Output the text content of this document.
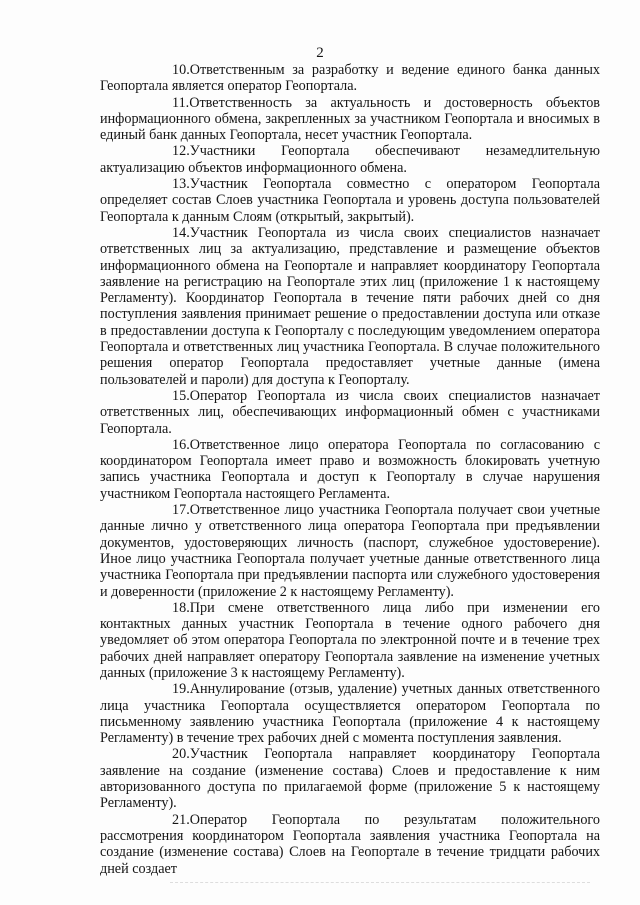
2

10.Ответственным за разработку и ведение единого банка данных Геопортала является оператор Геопортала.

11.Ответственность за актуальность и достоверность объектов информационного обмена, закрепленных за участником Геопортала и вносимых в единый банк данных Геопортала, несет участник Геопортала.

12.Участники Геопортала обеспечивают незамедлительную актуализацию объектов информационного обмена.

13.Участник Геопортала совместно с оператором Геопортала определяет состав Слоев участника Геопортала и уровень доступа пользователей Геопортала к данным Слоям (открытый, закрытый).

14.Участник Геопортала из числа своих специалистов назначает ответственных лиц за актуализацию, представление и размещение объектов информационного обмена на Геопортале и направляет координатору Геопортала заявление на регистрацию на Геопортале этих лиц (приложение 1 к настоящему Регламенту). Координатор Геопортала в течение пяти рабочих дней со дня поступления заявления принимает решение о предоставлении доступа или отказе в предоставлении доступа к Геопорталу с последующим уведомлением оператора Геопортала и ответственных лиц участника Геопортала. В случае положительного решения оператор Геопортала предоставляет учетные данные (имена пользователей и пароли) для доступа к Геопорталу.

15.Оператор Геопортала из числа своих специалистов назначает ответственных лиц, обеспечивающих информационный обмен с участниками Геопортала.

16.Ответственное лицо оператора Геопортала по согласованию с координатором Геопортала имеет право и возможность блокировать учетную запись участника Геопортала и доступ к Геопорталу в случае нарушения участником Геопортала настоящего Регламента.

17.Ответственное лицо участника Геопортала получает свои учетные данные лично у ответственного лица оператора Геопортала при предъявлении документов, удостоверяющих личность (паспорт, служебное удостоверение). Иное лицо участника Геопортала получает учетные данные ответственного лица участника Геопортала при предъявлении паспорта или служебного удостоверения и доверенности (приложение 2 к настоящему Регламенту).

18.При смене ответственного лица либо при изменении его контактных данных участник Геопортала в течение одного рабочего дня уведомляет об этом оператора Геопортала по электронной почте и в течение трех рабочих дней направляет оператору Геопортала заявление на изменение учетных данных (приложение 3 к настоящему Регламенту).

19.Аннулирование (отзыв, удаление) учетных данных ответственного лица участника Геопортала осуществляется оператором Геопортала по письменному заявлению участника Геопортала (приложение 4 к настоящему Регламенту) в течение трех рабочих дней с момента поступления заявления.

20.Участник Геопортала направляет координатору Геопортала заявление на создание (изменение состава) Слоев и предоставление к ним авторизованного доступа по прилагаемой форме (приложение 5 к настоящему Регламенту).

21.Оператор Геопортала по результатам положительного рассмотрения координатором Геопортала заявления участника Геопортала на создание (изменение состава) Слоев на Геопортале в течение тридцати рабочих дней создает
